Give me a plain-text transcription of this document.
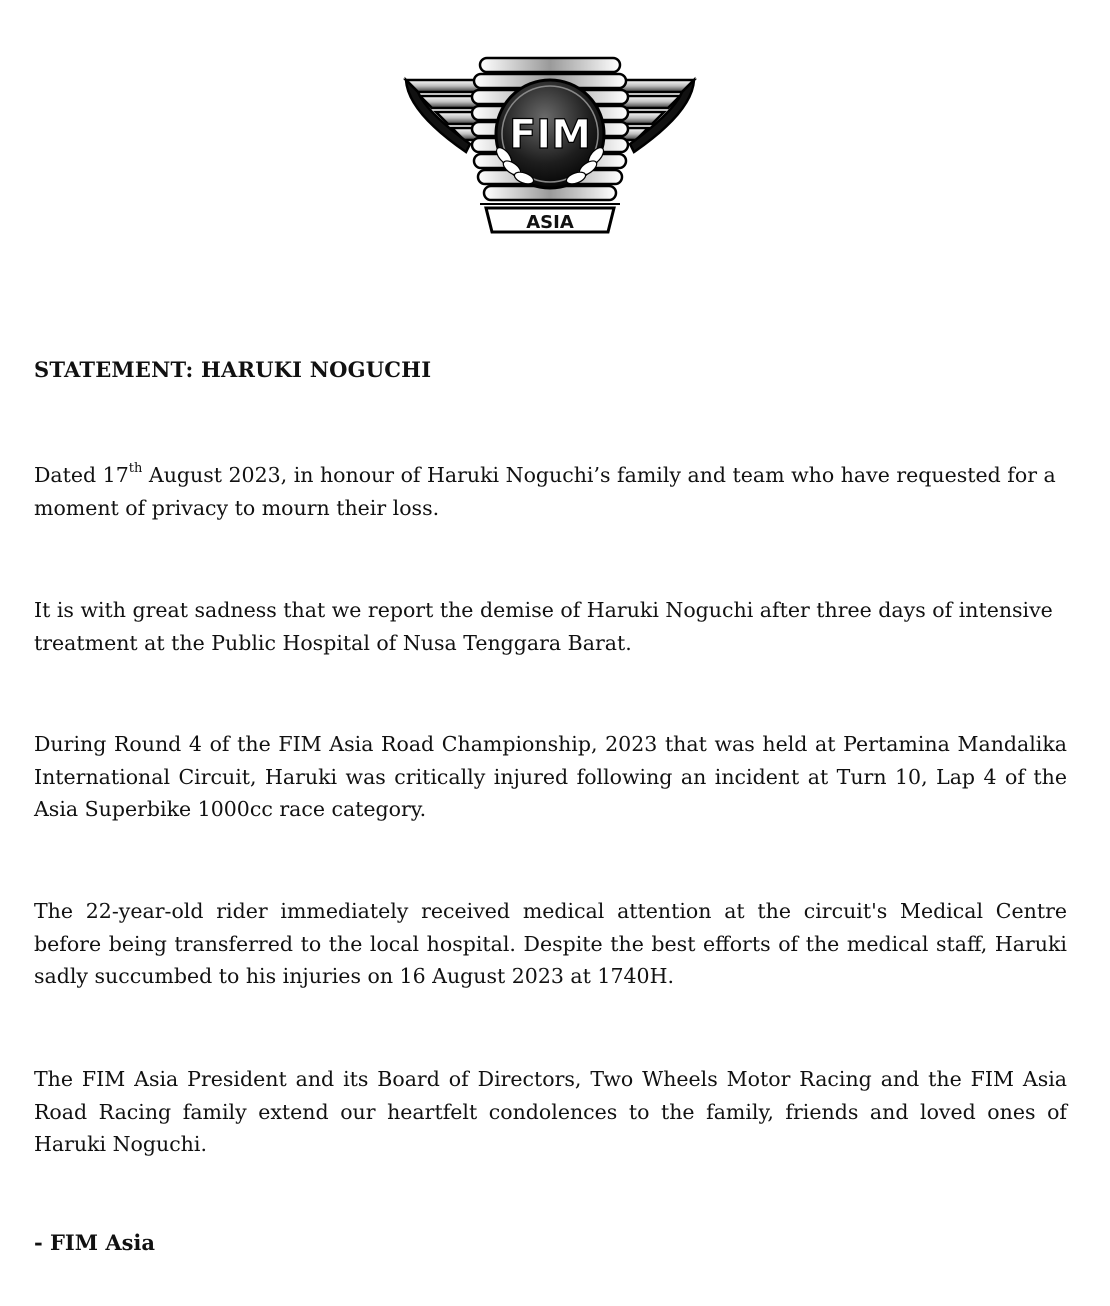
FIM
ASIA
STATEMENT: HARUKI NOGUCHI

Dated 17th August 2023, in honour of Haruki Noguchi’s family and team who have requested for a moment of privacy to mourn their loss.

It is with great sadness that we report the demise of Haruki Noguchi after three days of intensive treatment at the Public Hospital of Nusa Tenggara Barat.

During Round 4 of the FIM Asia Road Championship, 2023 that was held at Pertamina Mandalika International Circuit, Haruki was critically injured following an incident at Turn 10, Lap 4 of the Asia Superbike 1000cc race category.

The 22-year-old rider immediately received medical attention at the circuit's Medical Centre before being transferred to the local hospital. Despite the best efforts of the medical staff, Haruki sadly succumbed to his injuries on 16 August 2023 at 1740H.

The FIM Asia President and its Board of Directors, Two Wheels Motor Racing and the FIM Asia Road Racing family extend our heartfelt condolences to the family, friends and loved ones of Haruki Noguchi.

- FIM Asia
